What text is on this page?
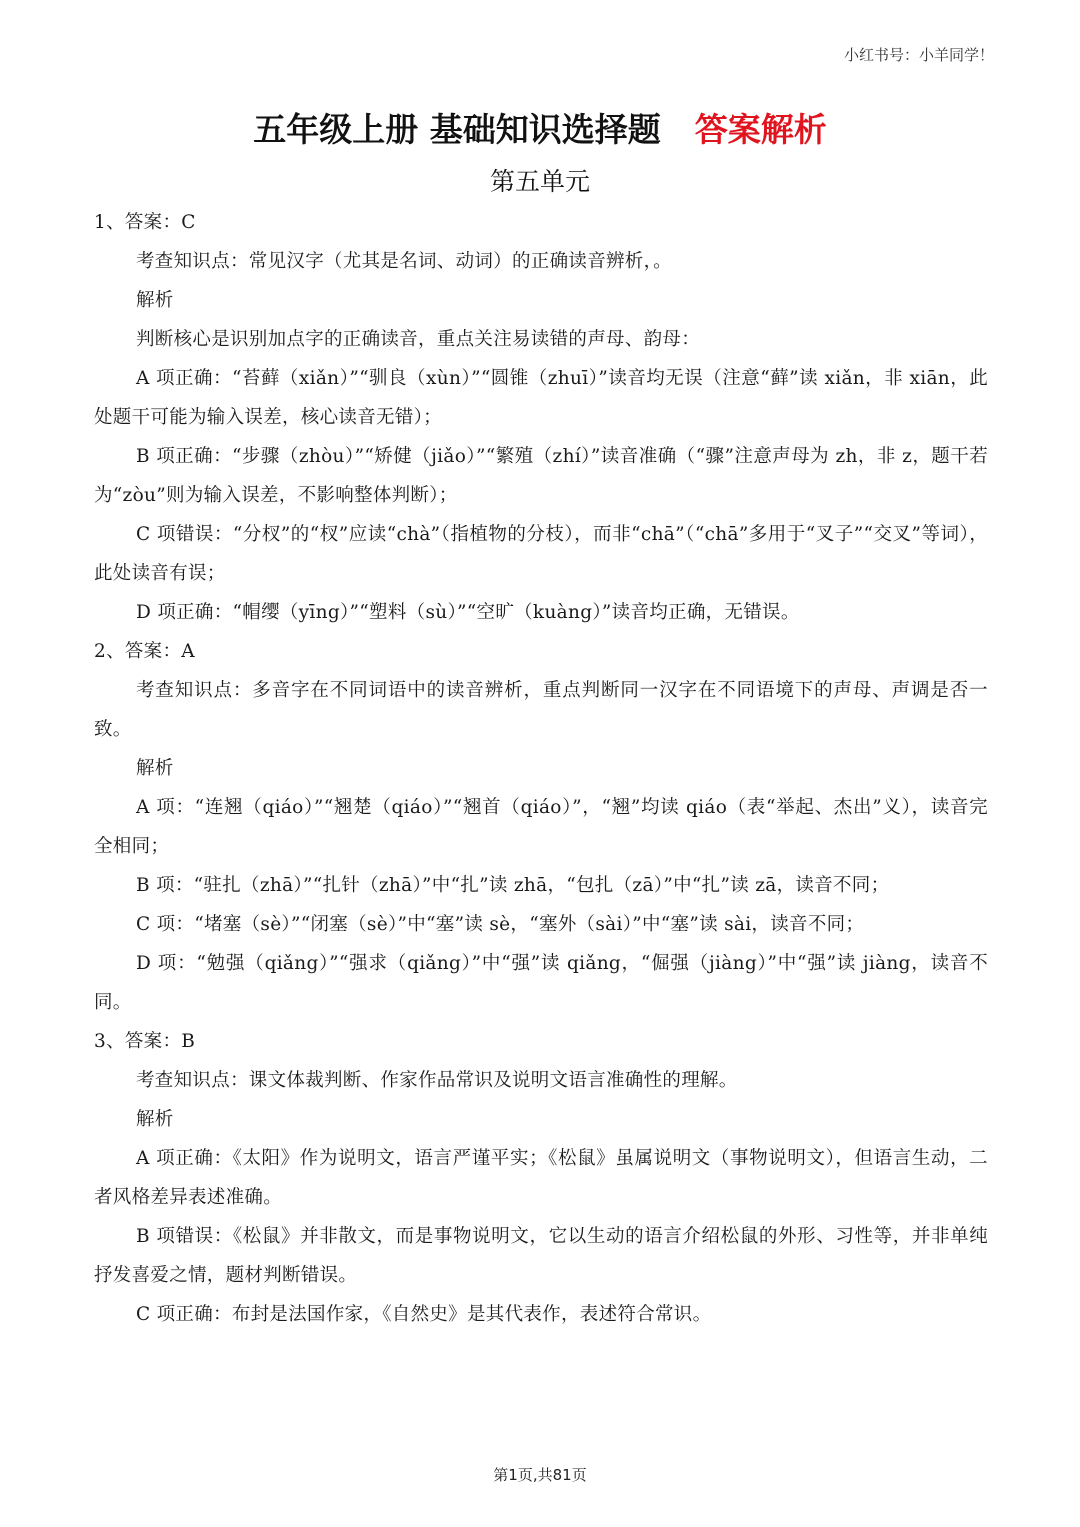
小红书号：小羊同学！
五年级上册 基础知识选择题 答案解析
第五单元

1、答案：C

考查知识点：常见汉字（尤其是名词、动词）的正确读音辨析，。

解析

判断核心是识别加点字的正确读音，重点关注易读错的声母、韵母：

A 项正确：“苔藓（xiǎn）”“驯良（xùn）”“圆锥（zhuī）”读音均无误（注意“藓”读 xiǎn，非 xiān，此处题干可能为输入误差，核心读音无错）；

B 项正确：“步骤（zhòu）”“矫健（jiǎo）”“繁殖（zhí）”读音准确（“骤”注意声母为 zh，非 z，题干若为“zòu”则为输入误差，不影响整体判断）；

C 项错误：“分杈”的“杈”应读“chà”（指植物的分枝），而非“chā”（“chā”多用于“叉子”“交叉”等词），此处读音有误；

D 项正确：“帽缨（yīng）”“塑料（sù）”“空旷（kuàng）”读音均正确，无错误。

2、答案：A

考查知识点：多音字在不同词语中的读音辨析，重点判断同一汉字在不同语境下的声母、声调是否一致。

解析

A 项：“连翘（qiáo）”“翘楚（qiáo）”“翘首（qiáo）”，“翘”均读 qiáo（表“举起、杰出”义），读音完全相同；

B 项：“驻扎（zhā）”“扎针（zhā）”中“扎”读 zhā，“包扎（zā）”中“扎”读 zā，读音不同；

C 项：“堵塞（sè）”“闭塞（sè）”中“塞”读 sè，“塞外（sài）”中“塞”读 sài，读音不同；

D 项：“勉强（qiǎng）”“强求（qiǎng）”中“强”读 qiǎng，“倔强（jiàng）”中“强”读 jiàng，读音不同。

3、答案：B

考查知识点：课文体裁判断、作家作品常识及说明文语言准确性的理解。

解析

A 项正确：《太阳》作为说明文，语言严谨平实；《松鼠》虽属说明文（事物说明文），但语言生动，二者风格差异表述准确。

B 项错误：《松鼠》并非散文，而是事物说明文，它以生动的语言介绍松鼠的外形、习性等，并非单纯抒发喜爱之情，题材判断错误。

C 项正确：布封是法国作家，《自然史》是其代表作，表述符合常识。

第1页,共81页
